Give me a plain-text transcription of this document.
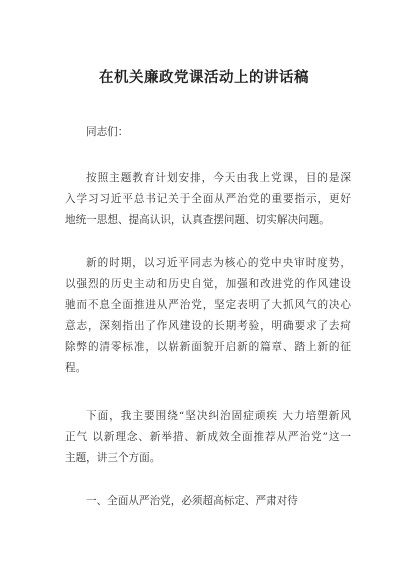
在机关廉政党课活动上的讲话稿

同志们：

按照主题教育计划安排，今天由我上党课，目的是深
入学习习近平总书记关于全面从严治党的重要指示，更好
地统一思想、提高认识，认真查摆问题、切实解决问题。

新的时期，以习近平同志为核心的党中央审时度势，
以强烈的历史主动和历史自觉，加强和改进党的作风建设
驰而不息全面推进从严治党，坚定表明了大抓风气的决心
意志，深刻指出了作风建设的长期考验，明确要求了去疴
除弊的清零标准，以崭新面貌开启新的篇章、踏上新的征
程。

下面，我主要围绕“坚决纠治固症顽疾 大力培塑新风
正气 以新理念、新举措、新成效全面推荐从严治党”这一
主题，讲三个方面。

一、全面从严治党，必须超高标定、严肃对待
